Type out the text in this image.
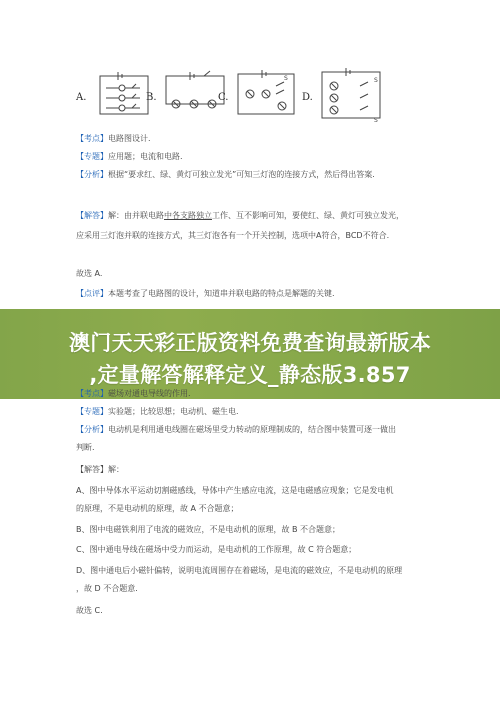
A.	B.	C.
S
D.
S
S
【考点】电路图设计.
【专题】应用题；电流和电路.
【分析】根据“要求红、绿、黄灯可独立发光”可知三灯泡的连接方式，然后得出答案.
【解答】解：由并联电路中各支路独立工作、互不影响可知，要使红、绿、黄灯可独立发光，
应采用三灯泡并联的连接方式，其三灯泡各有一个开关控制，选项中A符合，BCD不符合.
故选 A.
【点评】本题考查了电路图的设计，知道串并联电路的特点是解题的关键.
澳门天天彩正版资料免费查询最新版本
,定量解答解释定义_静态版3.857
【考点】磁场对通电导线的作用.
【专题】实验题；比较思想；电动机、磁生电.
【分析】电动机是利用通电线圈在磁场里受力转动的原理制成的，结合图中装置可逐一做出
判断.
【解答】解：
A、图中导体水平运动切割磁感线，导体中产生感应电流，这是电磁感应现象；它是发电机
的原理，不是电动机的原理，故 A 不合题意；
B、图中电磁铁利用了电流的磁效应，不是电动机的原理，故 B 不合题意；
C、图中通电导线在磁场中受力而运动，是电动机的工作原理，故 C 符合题意；
D、图中通电后小磁针偏转，说明电流周围存在着磁场，是电流的磁效应，不是电动机的原理
，故 D 不合题意.
故选 C.
